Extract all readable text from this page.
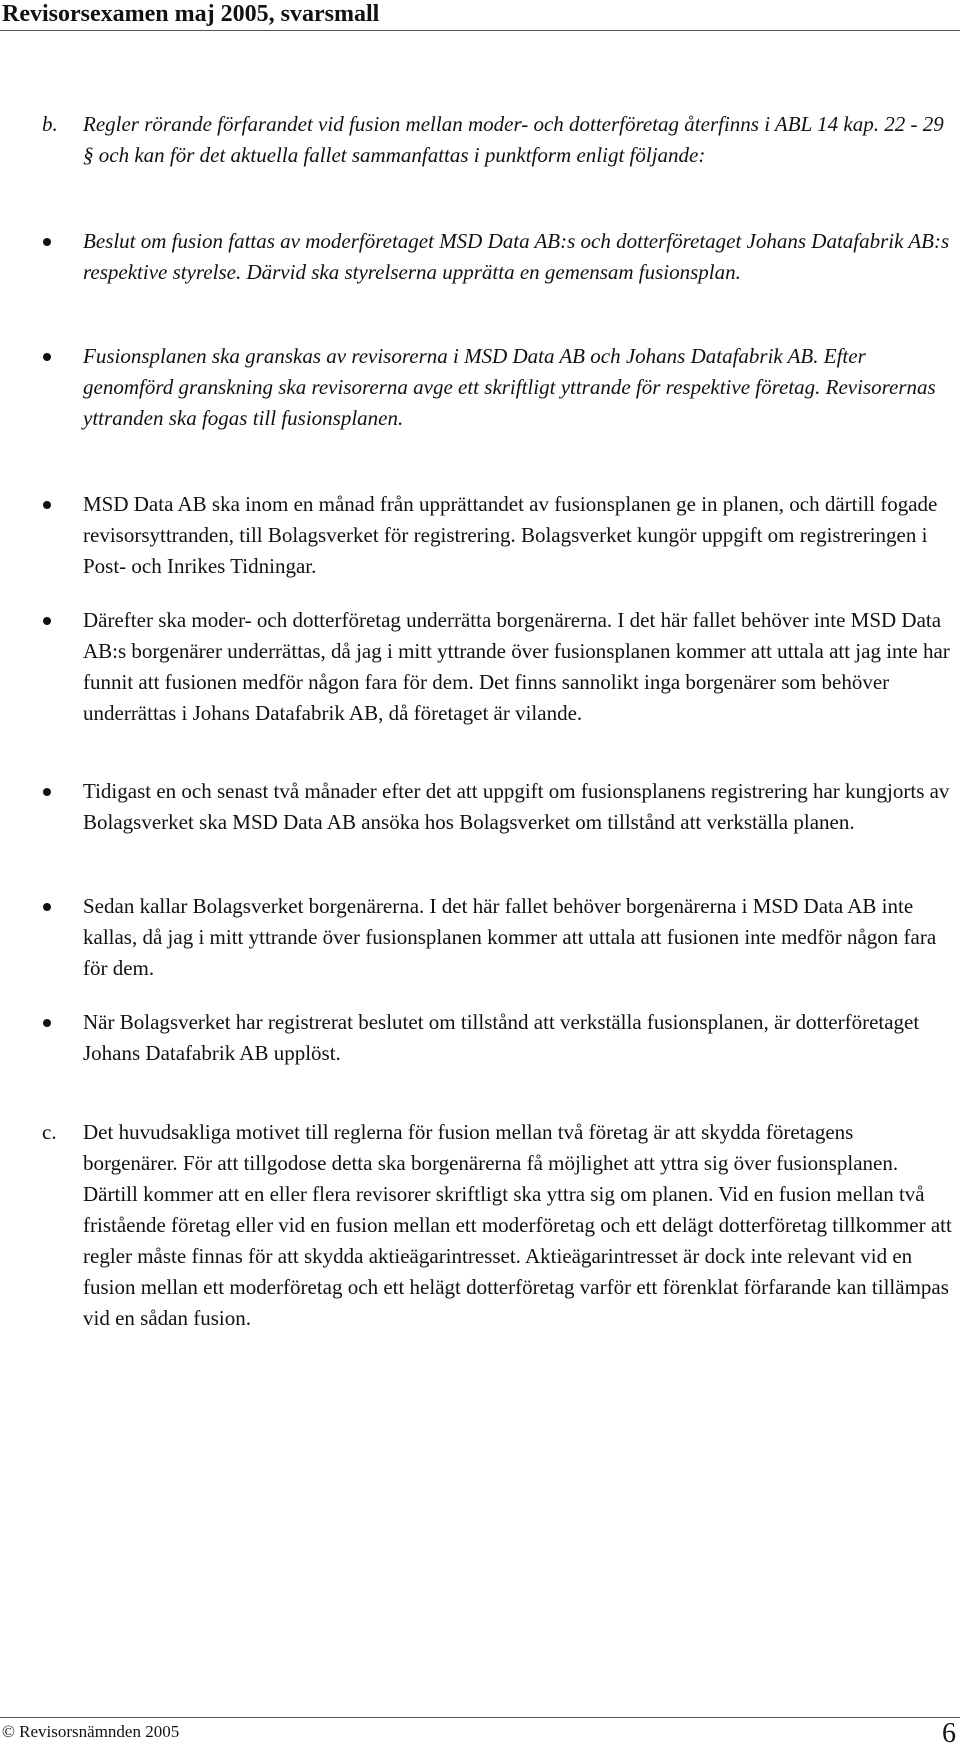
Revisorsexamen maj 2005, svarsmall
b. Regler rörande förfarandet vid fusion mellan moder- och dotterföretag återfinns i ABL 14 kap. 22 - 29 § och kan för det aktuella fallet sammanfattas i punktform enligt följande:
Beslut om fusion fattas av moderföretaget MSD Data AB:s och dotterföretaget Johans Datafabrik AB:s respektive styrelse. Därvid ska styrelserna upprätta en gemensam fusionsplan.
Fusionsplanen ska granskas av revisorerna i MSD Data AB och Johans Datafabrik AB. Efter genomförd granskning ska revisorerna avge ett skriftligt yttrande för respektive företag. Revisorernas yttranden ska fogas till fusionsplanen.
MSD Data AB ska inom en månad från upprättandet av fusionsplanen ge in planen, och därtill fogade revisorsyttranden, till Bolagsverket för registrering. Bolagsverket kungör uppgift om registreringen i Post- och Inrikes Tidningar.
Därefter ska moder- och dotterföretag underrätta borgenärerna. I det här fallet behöver inte MSD Data AB:s borgenärer underrättas, då jag i mitt yttrande över fusionsplanen kommer att uttala att jag inte har funnit att fusionen medför någon fara för dem. Det finns sannolikt inga borgenärer som behöver underrättas i Johans Datafabrik AB, då företaget är vilande.
Tidigast en och senast två månader efter det att uppgift om fusionsplanens registrering har kungjorts av Bolagsverket ska MSD Data AB ansöka hos Bolagsverket om tillstånd att verkställa planen.
Sedan kallar Bolagsverket borgenärerna. I det här fallet behöver borgenärerna i MSD Data AB inte kallas, då jag i mitt yttrande över fusionsplanen kommer att uttala att fusionen inte medför någon fara för dem.
När Bolagsverket har registrerat beslutet om tillstånd att verkställa fusionsplanen, är dotterföretaget Johans Datafabrik AB upplöst.
c. Det huvudsakliga motivet till reglerna för fusion mellan två företag är att skydda företagens borgenärer. För att tillgodose detta ska borgenärerna få möjlighet att yttra sig över fusionsplanen. Därtill kommer att en eller flera revisorer skriftligt ska yttra sig om planen. Vid en fusion mellan två fristående företag eller vid en fusion mellan ett moderföretag och ett delägt dotterföretag tillkommer att regler måste finnas för att skydda aktieägarintresset. Aktieägarintresset är dock inte relevant vid en fusion mellan ett moderföretag och ett helägt dotterföretag varför ett förenklat förfarande kan tillämpas vid en sådan fusion.
© Revisorsnämnden 2005	6
